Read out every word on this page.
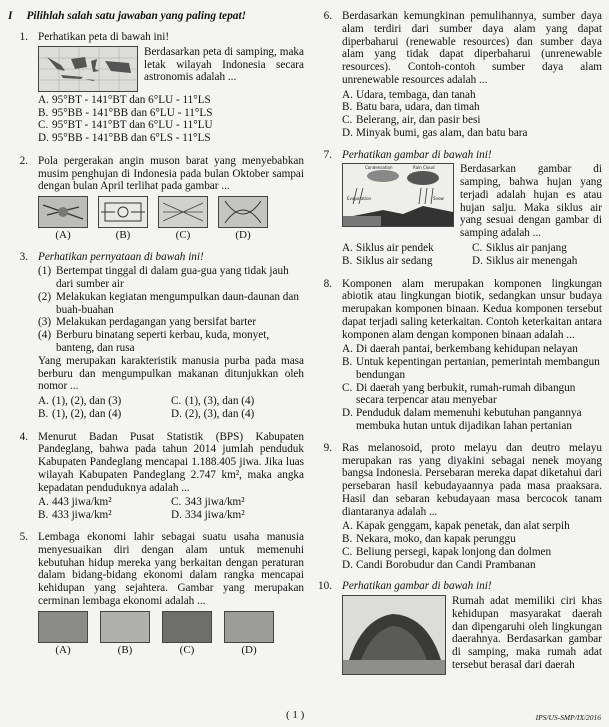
I Pilihlah salah satu jawaban yang paling tepat!
1. Perhatikan peta di bawah ini!
Berdasarkan peta di samping, maka letak wilayah Indonesia secara astronomis adalah ...
A. 95°BT - 141°BT dan 6°LU - 11°LS
B. 95°BB - 141°BB dan 6°LU - 11°LS
C. 95°BT - 141°BT dan 6°LU - 11°LU
D. 95°BB - 141°BB dan 6°LS - 11°LS
2. Pola pergerakan angin muson barat yang menyebabkan musim penghujan di Indonesia pada bulan Oktober sampai dengan bulan April terlihat pada gambar ...
(A)	(B)	(C)	(D)
3. Perhatikan pernyataan di bawah ini!
(1) Bertempat tinggal di dalam gua-gua yang tidak jauh dari sumber air
(2) Melakukan kegiatan mengumpulkan daun-daunan dan buah-buahan
(3) Melakukan perdagangan yang bersifat barter
(4) Berburu binatang seperti kerbau, kuda, monyet, banteng, dan rusa
Yang merupakan karakteristik manusia purba pada masa berburu dan mengumpulkan makanan ditunjukkan oleh nomor ...
A. (1), (2), dan (3)	C. (1), (3), dan (4)
B. (1), (2), dan (4)	D. (2), (3), dan (4)
4. Menurut Badan Pusat Statistik (BPS) Kabupaten Pandeglang, bahwa pada tahun 2014 jumlah penduduk Kabupaten Pandeglang mencapai 1.188.405 jiwa. Jika luas wilayah Kabupaten Pandeglang 2.747 km², maka angka kepadatan penduduknya adalah ...
A. 443 jiwa/km²	C. 343 jiwa/km²
B. 433 jiwa/km²	D. 334 jiwa/km²
5. Lembaga ekonomi lahir sebagai suatu usaha manusia menyesuaikan diri dengan alam untuk memenuhi kebutuhan hidup mereka yang berkaitan dengan peraturan dalam bidang-bidang ekonomi dalam rangka mencapai kehidupan yang sejahtera. Gambar yang merupakan cerminan lembaga ekonomi adalah ...
(A)	(B)	(C)	(D)
6. Berdasarkan kemungkinan pemulihannya, sumber daya alam terdiri dari sumber daya alam yang dapat diperbaharui (renewable resources) dan sumber daya alam yang tidak dapat diperbaharui (unrenewable resources). Contoh-contoh sumber daya alam unrenewable resources adalah ...
A. Udara, tembaga, dan tanah
B. Batu bara, udara, dan timah
C. Belerang, air, dan pasir besi
D. Minyak bumi, gas alam, dan batu bara
7. Perhatikan gambar di bawah ini!
Condensation	Rain Cloud
Evaporation	Snow
Berdasarkan gambar di samping, bahwa hujan yang terjadi adalah hujan es atau hujan salju. Maka siklus air yang sesuai dengan gambar di samping adalah ...
A. Siklus air pendek	C. Siklus air panjang
B. Siklus air sedang	D. Siklus air menengah
8. Komponen alam merupakan komponen lingkungan abiotik atau lingkungan biotik, sedangkan unsur budaya merupakan komponen binaan. Kedua komponen tersebut dapat terjadi saling keterkaitan. Contoh keterkaitan antara komponen alam dengan komponen binaan adalah ...
A. Di daerah pantai, berkembang kehidupan nelayan
B. Untuk kepentingan pertanian, pemerintah membangun bendungan
C. Di daerah yang berbukit, rumah-rumah dibangun secara terpencar atau menyebar
D. Penduduk dalam memenuhi kebutuhan pangannya membuka hutan untuk dijadikan lahan pertanian
9. Ras melanosoid, proto melayu dan deutro melayu merupakan ras yang diyakini sebagai nenek moyang bangsa Indonesia. Persebaran mereka dapat diketahui dari persebaran hasil kebudayaannya pada masa praaksara. Hasil dan sebaran kebudayaan masa bercocok tanam diantaranya adalah ...
A. Kapak genggam, kapak penetak, dan alat serpih
B. Nekara, moko, dan kapak perunggu
C. Beliung persegi, kapak lonjong dan dolmen
D. Candi Borobudur dan Candi Prambanan
10. Perhatikan gambar di bawah ini!
Rumah adat memiliki ciri khas kehidupan masyarakat daerah dan dipengaruhi oleh lingkungan daerahnya. Berdasarkan gambar di samping, maka rumah adat tersebut berasal dari daerah
( 1 )	IPS/US-SMP/IX/2016
